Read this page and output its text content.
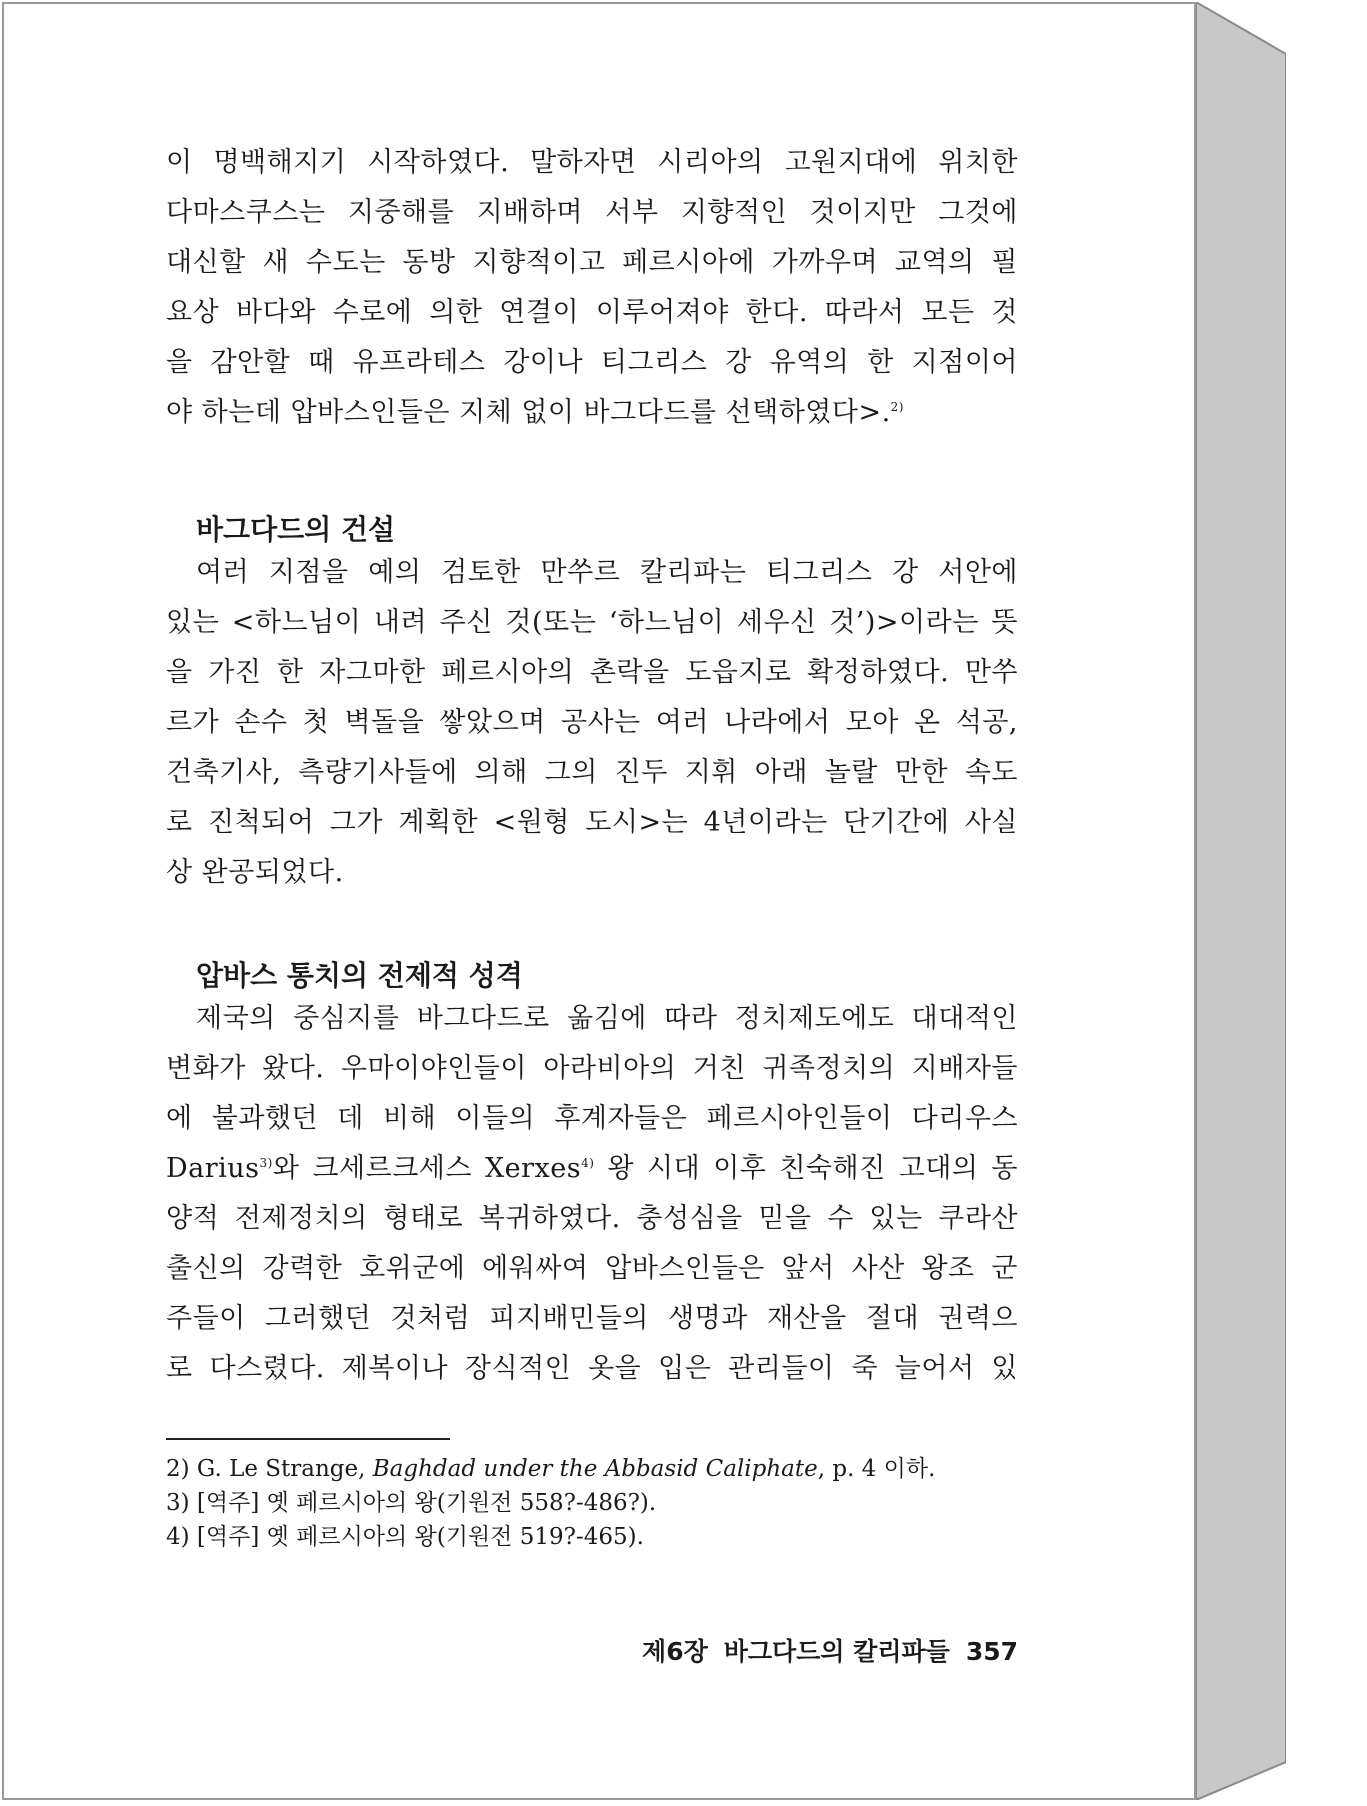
이 명백해지기 시작하였다. 말하자면 시리아의 고원지대에 위치한
다마스쿠스는 지중해를 지배하며 서부 지향적인 것이지만 그것에
대신할 새 수도는 동방 지향적이고 페르시아에 가까우며 교역의 필
요상 바다와 수로에 의한 연결이 이루어져야 한다. 따라서 모든 것
을 감안할 때 유프라테스 강이나 티그리스 강 유역의 한 지점이어
야 하는데 압바스인들은 지체 없이 바그다드를 선택하였다>.$^{2)}$
바그다드의 건설
여러 지점을 예의 검토한 만쑤르 칼리파는 티그리스 강 서안에
있는 <하느님이 내려 주신 것(또는 ‘하느님이 세우신 것’)>이라는 뜻
을 가진 한 자그마한 페르시아의 촌락을 도읍지로 확정하였다. 만쑤
르가 손수 첫 벽돌을 쌓았으며 공사는 여러 나라에서 모아 온 석공,
건축기사, 측량기사들에 의해 그의 진두 지휘 아래 놀랄 만한 속도
로 진척되어 그가 계획한 <원형 도시>는 4년이라는 단기간에 사실
상 완공되었다.
압바스 통치의 전제적 성격
제국의 중심지를 바그다드로 옮김에 따라 정치제도에도 대대적인
변화가 왔다. 우마이야인들이 아라비아의 거친 귀족정치의 지배자들
에 불과했던 데 비해 이들의 후계자들은 페르시아인들이 다리우스
Darius$^{3)}$와 크세르크세스 Xerxes$^{4)}$ 왕 시대 이후 친숙해진 고대의 동
양적 전제정치의 형태로 복귀하였다. 충성심을 믿을 수 있는 쿠라산
출신의 강력한 호위군에 에워싸여 압바스인들은 앞서 사산 왕조 군
주들이 그러했던 것처럼 피지배민들의 생명과 재산을 절대 권력으
로 다스렸다. 제복이나 장식적인 옷을 입은 관리들이 죽 늘어서 있
2) G. Le Strange, Baghdad under the Abbasid Caliphate, p. 4 이하.
3) [역주] 옛 페르시아의 왕(기원전 558?-486?).
4) [역주] 옛 페르시아의 왕(기원전 519?-465).
제6장 바그다드의 칼리파들 357
